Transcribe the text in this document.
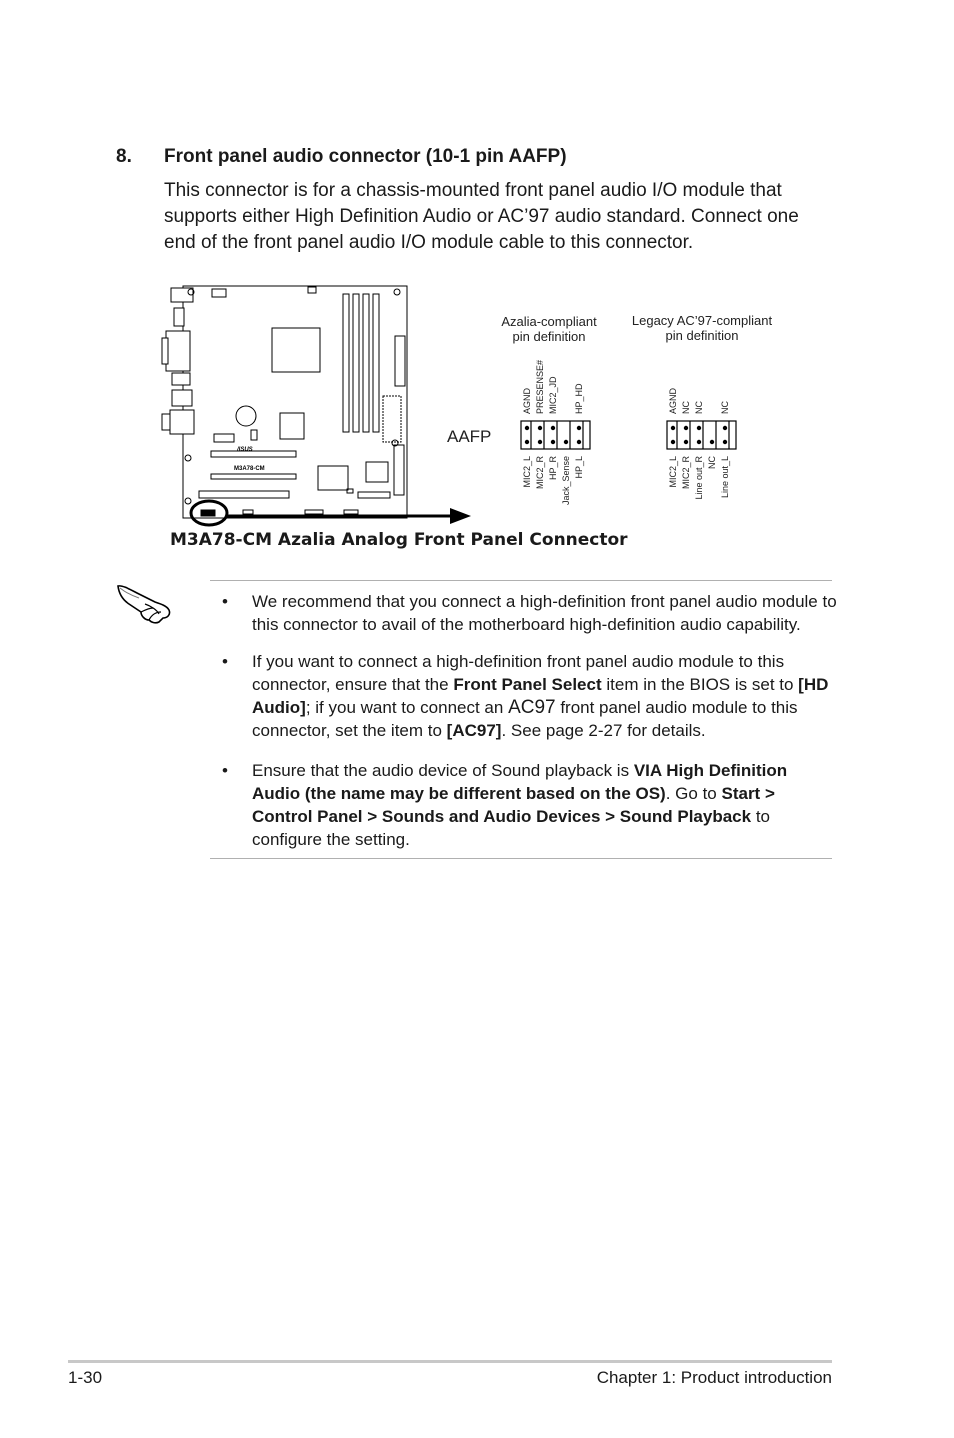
8. Front panel audio connector (10-1 pin AAFP)
This connector is for a chassis-mounted front panel audio I/O module that supports either High Definition Audio or AC’97 audio standard. Connect one end of the front panel audio I/O module cable to this connector.
/ISUS
M3A78-CM
AAFP
Azalia-compliant
pin definition
Legacy AC’97-compliant
pin definition
AGND PRESENSE# MIC2_JD HP_HD
MIC2_L MIC2_R HP_R Jack_Sense HP_L
AGND NC NC NC
MIC2_L MIC2_R Line out_R NC Line out_L
M3A78-CM Azalia Analog Front Panel Connector
• We recommend that you connect a high-definition front panel audio module to this connector to avail of the motherboard high-definition audio capability.
• If you want to connect a high-definition front panel audio module to this connector, ensure that the Front Panel Select item in the BIOS is set to [HD Audio]; if you want to connect an AC97 front panel audio module to this connector, set the item to [AC97]. See page 2-27 for details.
• Ensure that the audio device of Sound playback is VIA High Definition Audio (the name may be different based on the OS). Go to Start > Control Panel > Sounds and Audio Devices > Sound Playback to configure the setting.
1-30	Chapter 1: Product introduction
